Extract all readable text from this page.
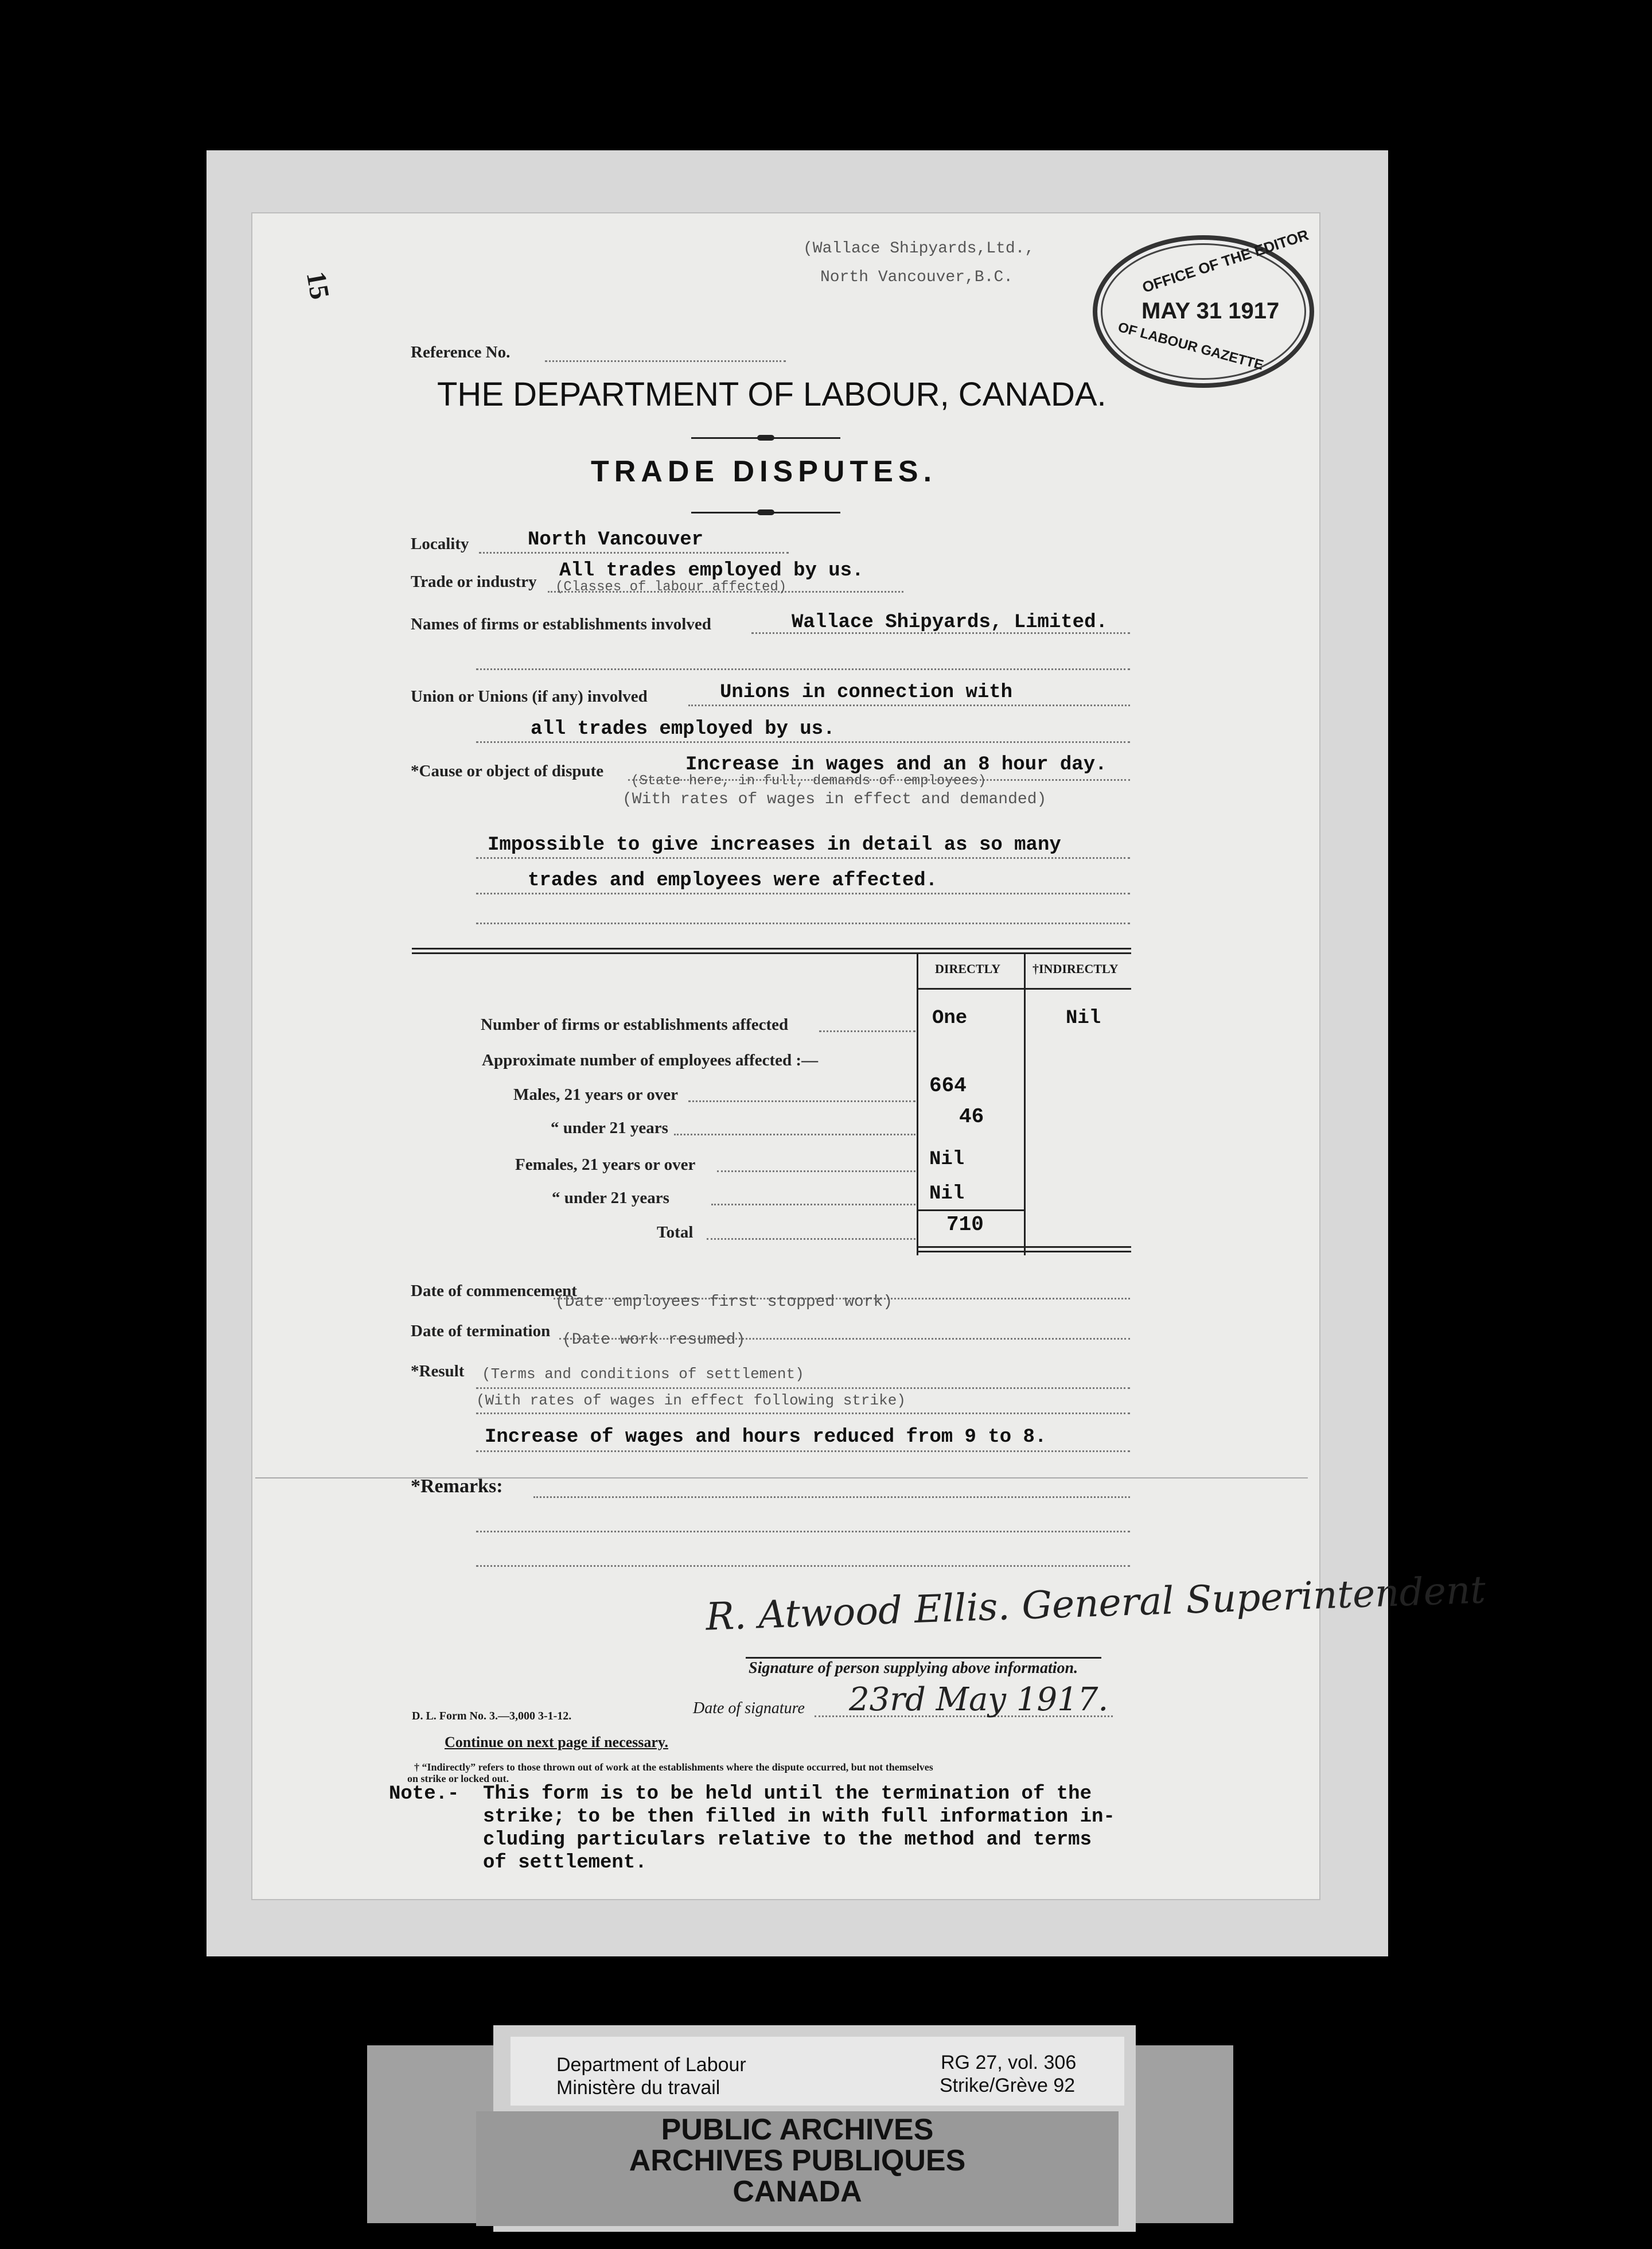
(Wallace Shipyards,Ltd.,
North Vancouver,B.C.
15	OFFICE OF THE EDITOR
MAY 31 1917
OF LABOUR GAZETTE
Reference No.
THE DEPARTMENT OF LABOUR, CANADA.
TRADE DISPUTES.
Locality	North Vancouver
Trade or industry All trades employed by us.
(Classes of labour affected)
Names of firms or establishments involved	Wallace Shipyards, Limited.
Union or Unions (if any) involved	Unions in connection with
all trades employed by us.
*Cause or object of dispute	Increase in wages and an 8 hour day.
(State here, in full, demands of employees)
(With rates of wages in effect and demanded)
Impossible to give increases in detail as so many
trades and employees were affected.
DIRECTLY	†INDIRECTLY
Number of firms or establishments affected	One	Nil
Approximate number of employees affected :—
Males, 21 years or over	664
“ under 21 years	46
Females, 21 years or over	Nil
“ under 21 years	Nil
Total	710
Date of commencement
(Date employees first stopped work)
Date of termination (Date work resumed)
*Result (Terms and conditions of settlement)
(With rates of wages in effect following strike)
Increase of wages and hours reduced from 9 to 8.
*Remarks:
R. Atwood Ellis. General Superintendent
Signature of person supplying above information.
Date of signature 23rd May 1917.
D. L. Form No. 3.—3,000 3-1-12.
Continue on next page if necessary.
† “Indirectly” refers to those thrown out of work at the establishments where the dispute occurred, but not themselves
on strike or locked out.
Note.- This form is to be held until the termination of the
strike; to be then filled in with full information in-
cluding particulars relative to the method and terms
of settlement.
Department of Labour
Ministère du travail
RG 27, vol. 306
Strike/Grève 92
PUBLIC ARCHIVES
ARCHIVES PUBLIQUES
CANADA
